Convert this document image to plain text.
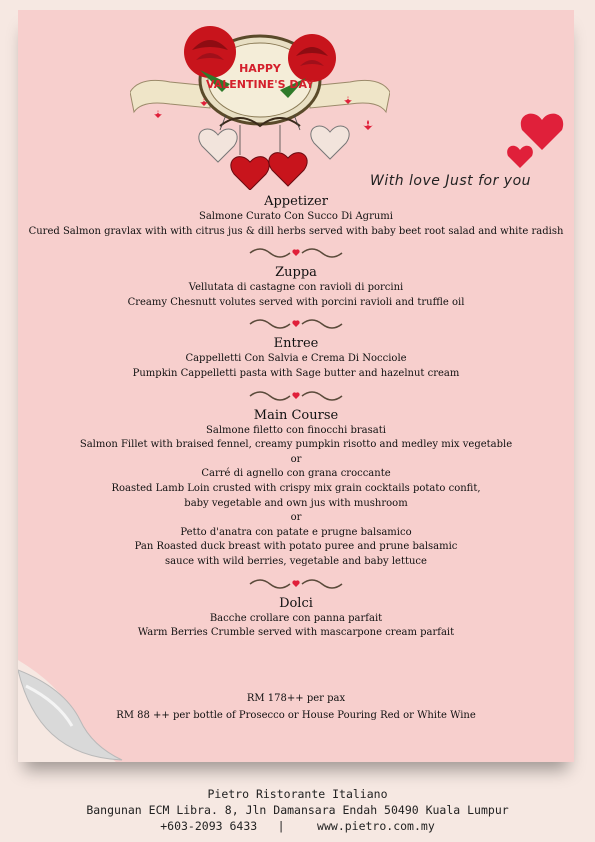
HAPPY
VALENTINE'S DAY
With love Just for you

Appetizer

Salmone Curato Con Succo Di Agrumi

Cured Salmon gravlax with with citrus jus & dill herbs served with baby beet root salad and white radish

Zuppa

Vellutata di castagne con ravioli di porcini

Creamy Chesnutt volutes served with porcini ravioli and truffle oil

Entree

Cappelletti Con Salvia e Crema Di Nocciole

Pumpkin Cappelletti pasta with Sage butter and hazelnut cream

Main Course

Salmone filetto con finocchi brasati

Salmon Fillet with braised fennel, creamy pumpkin risotto and medley mix vegetable

or

Carré di agnello con grana croccante

Roasted Lamb Loin crusted with crispy mix grain cocktails potato confit,

baby vegetable and own jus with mushroom

or

Petto d'anatra con patate e prugne balsamico

Pan Roasted duck breast with potato puree and prune balsamic

sauce with wild berries, vegetable and baby lettuce

Dolci

Bacche crollare con panna parfait

Warm Berries Crumble served with mascarpone cream parfait

RM 178++ per pax

RM 88 ++ per bottle of Prosecco or House Pouring Red or White Wine

Pietro Ristorante Italiano
Bangunan ECM Libra. 8, Jln Damansara Endah 50490 Kuala Lumpur
+603-2093 6433 |	www.pietro.com.my
